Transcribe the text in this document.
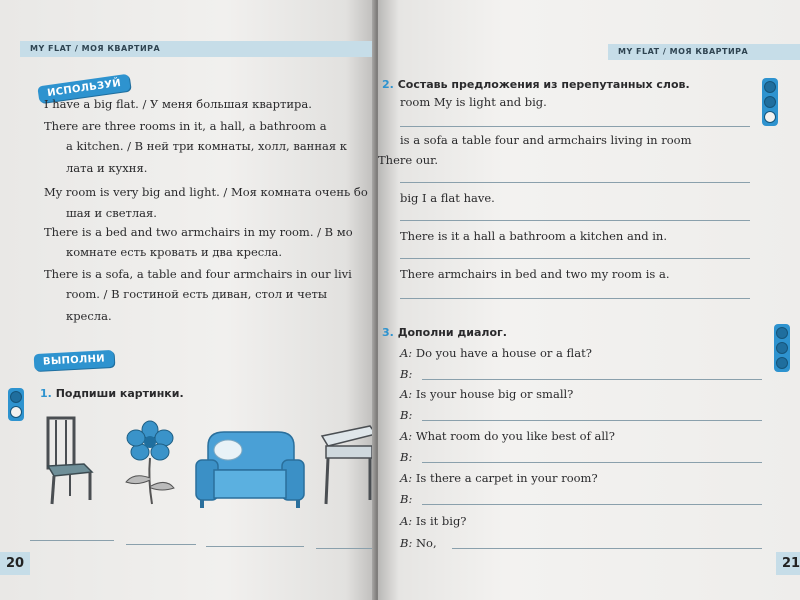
MY FLAT / МОЯ КВАРТИРА
ИСПОЛЬЗУЙ
I have a big flat. / У меня большая квартира.
There are three rooms in it, a hall, a bathroom a
a kitchen. / В ней три комнаты, холл, ванная к
лата и кухня.
My room is very big and light. / Моя комната очень бо
шая и светлая.
There is a bed and two armchairs in my room. / В мо
комнате есть кровать и два кресла.
There is a sofa, a table and four armchairs in our livi
room. / В гостиной есть диван, стол и четы
кресла.
ВЫПОЛНИ
1. Подпиши картинки.
20
MY FLAT / МОЯ КВАРТИРА
2. Составь предложения из перепутанных слов.
room My is light and big.
is a sofa a table four and armchairs living in room
There our.
big I a flat have.
There is it a hall a bathroom a kitchen and in.
There armchairs in bed and two my room is a.
3. Дополни диалог.
A: Do you have a house or a flat?
B:
A: Is your house big or small?
B:
A: What room do you like best of all?
B:
A: Is there a carpet in your room?
B:
A: Is it big?
B: No,
21
